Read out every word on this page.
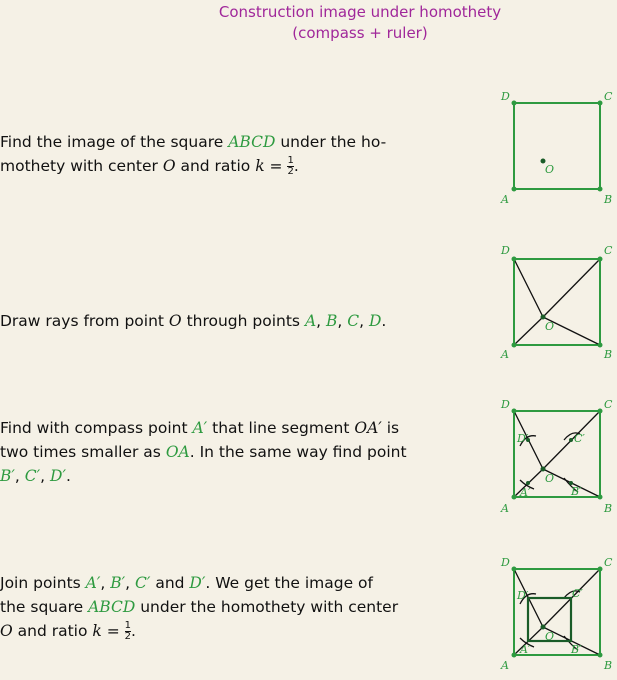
Construction image under homothety
(compass + ruler)
Find the image of the square ABCD under the ho-
mothety with center O and ratio $k = \frac{1}{2}$ .
Draw rays from point O through points A, B, C, D.
Find with compass point A′ that line segment OA′ is
two times smaller as OA. In the same way find point
B′, C′, D′.
Join points A′, B′, C′ and D′. We get the image of
the square ABCD under the homothety with center
O and ratio $k = \frac{1}{2}$ .
D	C
A	B
O
D	C
A	B
O
D	C
A	B
O
A′	B′
C′
D′
D	C
A	B
O
A′	B′
C′
D′
